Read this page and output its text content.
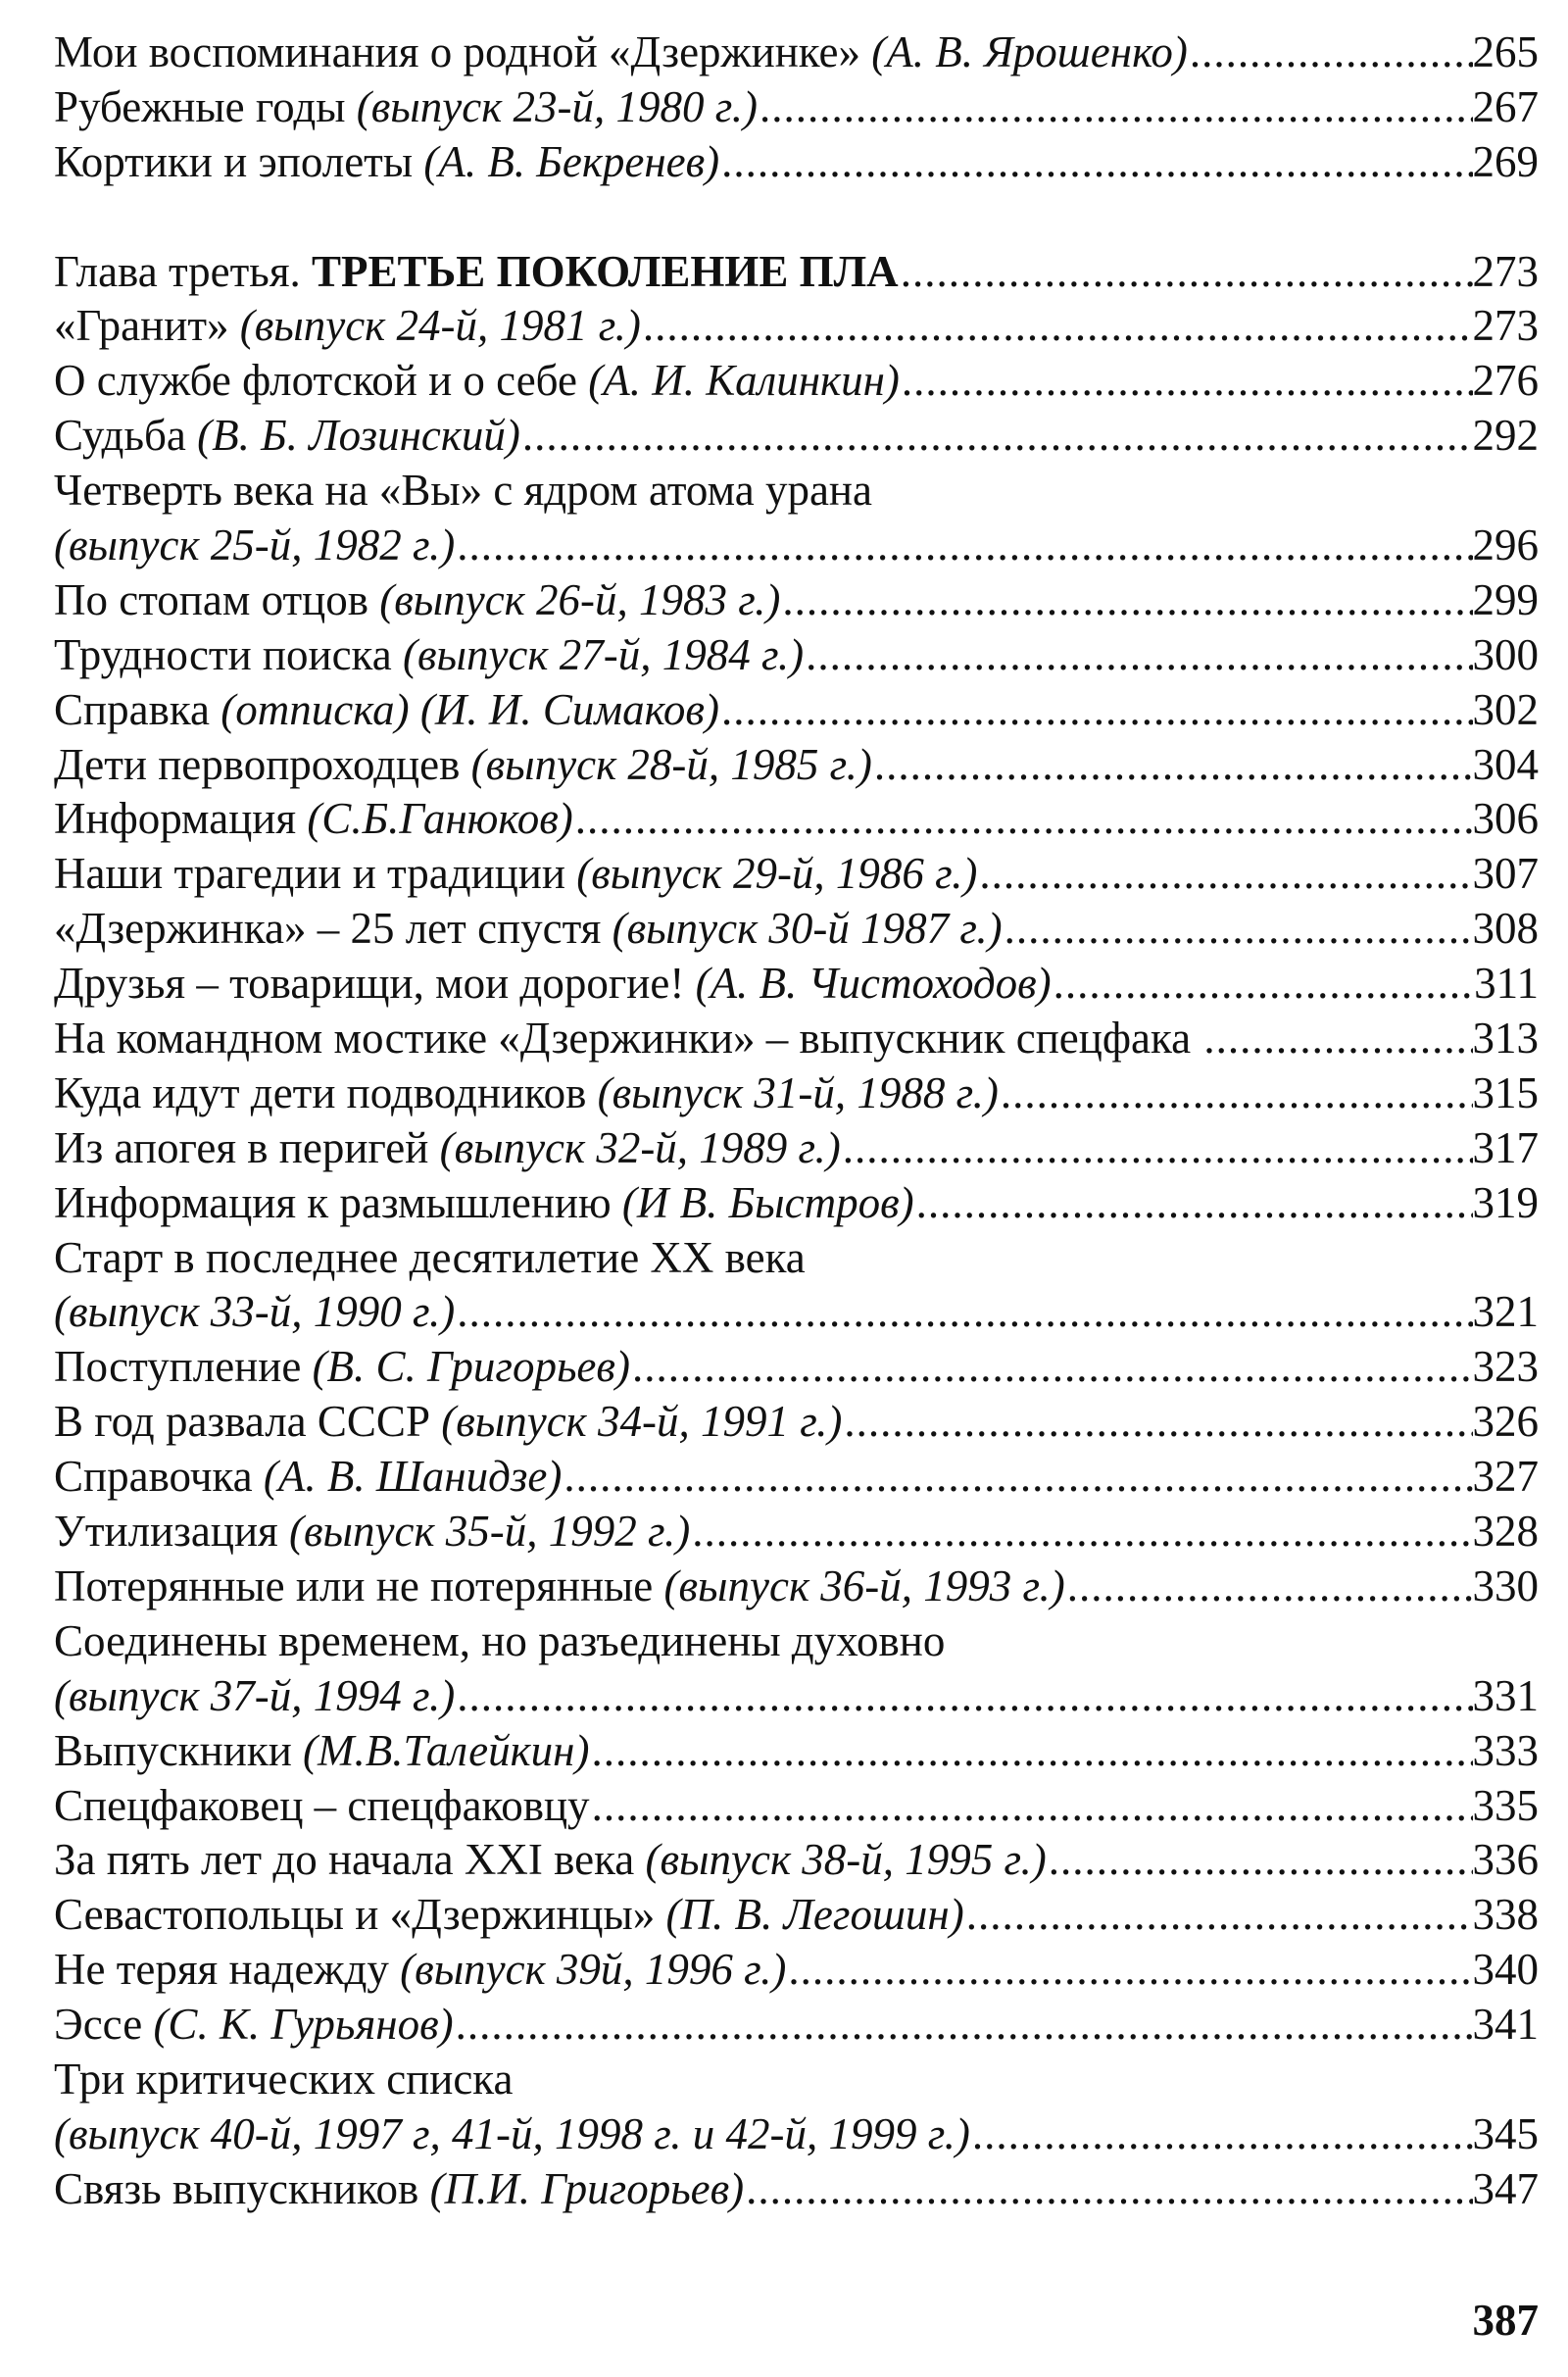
Мои воспоминания о родной «Дзержинке» (А. В. Ярошенко) .....	265
Рубежные годы (выпуск 23-й, 1980 г.) .....	267
Кортики и эполеты (А. В. Бекренев) .....	269
Глава третья. ТРЕТЬЕ ПОКОЛЕНИЕ ПЛА .....	273
«Гранит» (выпуск 24-й, 1981 г.) .....	273
О службе флотской и о себе (А. И. Калинкин) .....	276
Судьба (В. Б. Лозинский) .....	292
Четверть века на «Вы» с ядром атома урана
(выпуск 25-й, 1982 г.) .....	296
По стопам отцов (выпуск 26-й, 1983 г.) .....	299
Трудности поиска (выпуск 27-й, 1984 г.) .....	300
Справка (отписка) (И. И. Симаков) .....	302
Дети первопроходцев (выпуск 28-й, 1985 г.) .....	304
Информация (С.Б.Ганюков) .....	306
Наши трагедии и традиции (выпуск 29-й, 1986 г.) .....	307
«Дзержинка» – 25 лет спустя (выпуск 30-й 1987 г.) .....	308
Друзья – товарищи, мои дорогие! (А. В. Чистоходов) .....	311
На командном мостике «Дзержинки» – выпускник спецфака .....	313
Куда идут дети подводников (выпуск 31-й, 1988 г.) .....	315
Из апогея в перигей (выпуск 32-й, 1989 г.) .....	317
Информация к размышлению (И В. Быстров) .....	319
Старт в последнее десятилетие XX века
(выпуск 33-й, 1990 г.) .....	321
Поступление (В. С. Григорьев) .....	323
В год развала СССР (выпуск 34-й, 1991 г.) .....	326
Справочка (А. В. Шанидзе) .....	327
Утилизация (выпуск 35-й, 1992 г.) .....	328
Потерянные или не потерянные (выпуск 36-й, 1993 г.) .....	330
Соединены временем, но разъединены духовно
(выпуск 37-й, 1994 г.) .....	331
Выпускники (М.В.Талейкин) .....	333
Спецфаковец – спецфаковцу .....	335
За пять лет до начала XXI века (выпуск 38-й, 1995 г.) .....	336
Севастопольцы и «Дзержинцы» (П. В. Легошин) .....	338
Не теряя надежду (выпуск 39й, 1996 г.) .....	340
Эссе (С. К. Гурьянов) .....	341
Три критических списка
(выпуск 40-й, 1997 г, 41-й, 1998 г. и 42-й, 1999 г.) .....	345
Связь выпускников (П.И. Григорьев) .....	347
387
